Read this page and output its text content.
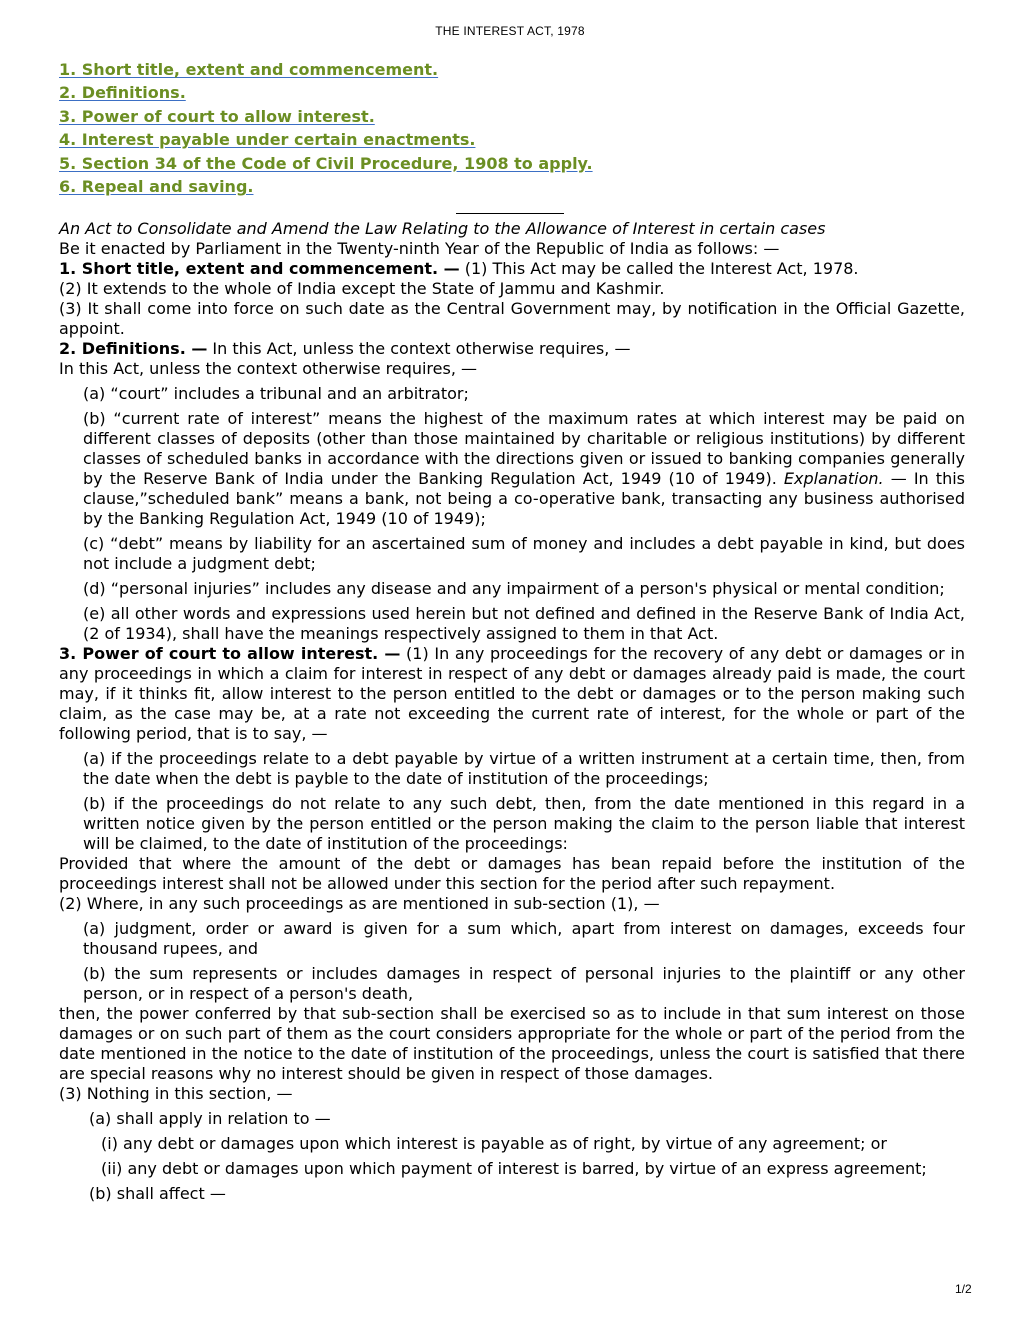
THE INTEREST ACT, 1978
1. Short title, extent and commencement.
2. Definitions.
3. Power of court to allow interest.
4. Interest payable under certain enactments.
5. Section 34 of the Code of Civil Procedure, 1908 to apply.
6. Repeal and saving.

An Act to Consolidate and Amend the Law Relating to the Allowance of Interest in certain cases

Be it enacted by Parliament in the Twenty-ninth Year of the Republic of India as follows: —

1. Short title, extent and commencement. — (1) This Act may be called the Interest Act, 1978.

(2) It extends to the whole of India except the State of Jammu and Kashmir.

(3) It shall come into force on such date as the Central Government may, by notification in the Official Gazette, appoint.

2. Definitions. — In this Act, unless the context otherwise requires, —

In this Act, unless the context otherwise requires, —

(a) “court” includes a tribunal and an arbitrator;

(b) “current rate of interest” means the highest of the maximum rates at which interest may be paid on different classes of deposits (other than those maintained by charitable or religious institutions) by different classes of scheduled banks in accordance with the directions given or issued to banking companies generally by the Reserve Bank of India under the Banking Regulation Act, 1949 (10 of 1949). Explanation. — In this clause,”scheduled bank” means a bank, not being a co-operative bank, transacting any business authorised by the Banking Regulation Act, 1949 (10 of 1949);

(c) “debt” means by liability for an ascertained sum of money and includes a debt payable in kind, but does not include a judgment debt;

(d) “personal injuries” includes any disease and any impairment of a person's physical or mental condition;

(e) all other words and expressions used herein but not defined and defined in the Reserve Bank of India Act, (2 of 1934), shall have the meanings respectively assigned to them in that Act.

3. Power of court to allow interest. — (1) In any proceedings for the recovery of any debt or damages or in any proceedings in which a claim for interest in respect of any debt or damages already paid is made, the court may, if it thinks fit, allow interest to the person entitled to the debt or damages or to the person making such claim, as the case may be, at a rate not exceeding the current rate of interest, for the whole or part of the following period, that is to say, —

(a) if the proceedings relate to a debt payable by virtue of a written instrument at a certain time, then, from the date when the debt is payble to the date of institution of the proceedings;

(b) if the proceedings do not relate to any such debt, then, from the date mentioned in this regard in a written notice given by the person entitled or the person making the claim to the person liable that interest will be claimed, to the date of institution of the proceedings:

Provided that where the amount of the debt or damages has bean repaid before the institution of the proceedings interest shall not be allowed under this section for the period after such repayment.

(2) Where, in any such proceedings as are mentioned in sub-section (1), —

(a) judgment, order or award is given for a sum which, apart from interest on damages, exceeds four thousand rupees, and

(b) the sum represents or includes damages in respect of personal injuries to the plaintiff or any other person, or in respect of a person's death,

then, the power conferred by that sub-section shall be exercised so as to include in that sum interest on those damages or on such part of them as the court considers appropriate for the whole or part of the period from the date mentioned in the notice to the date of institution of the proceedings, unless the court is satisfied that there are special reasons why no interest should be given in respect of those damages.

(3) Nothing in this section, —

(a) shall apply in relation to —

(i) any debt or damages upon which interest is payable as of right, by virtue of any agreement; or

(ii) any debt or damages upon which payment of interest is barred, by virtue of an express agreement;

(b) shall affect —

1/2
